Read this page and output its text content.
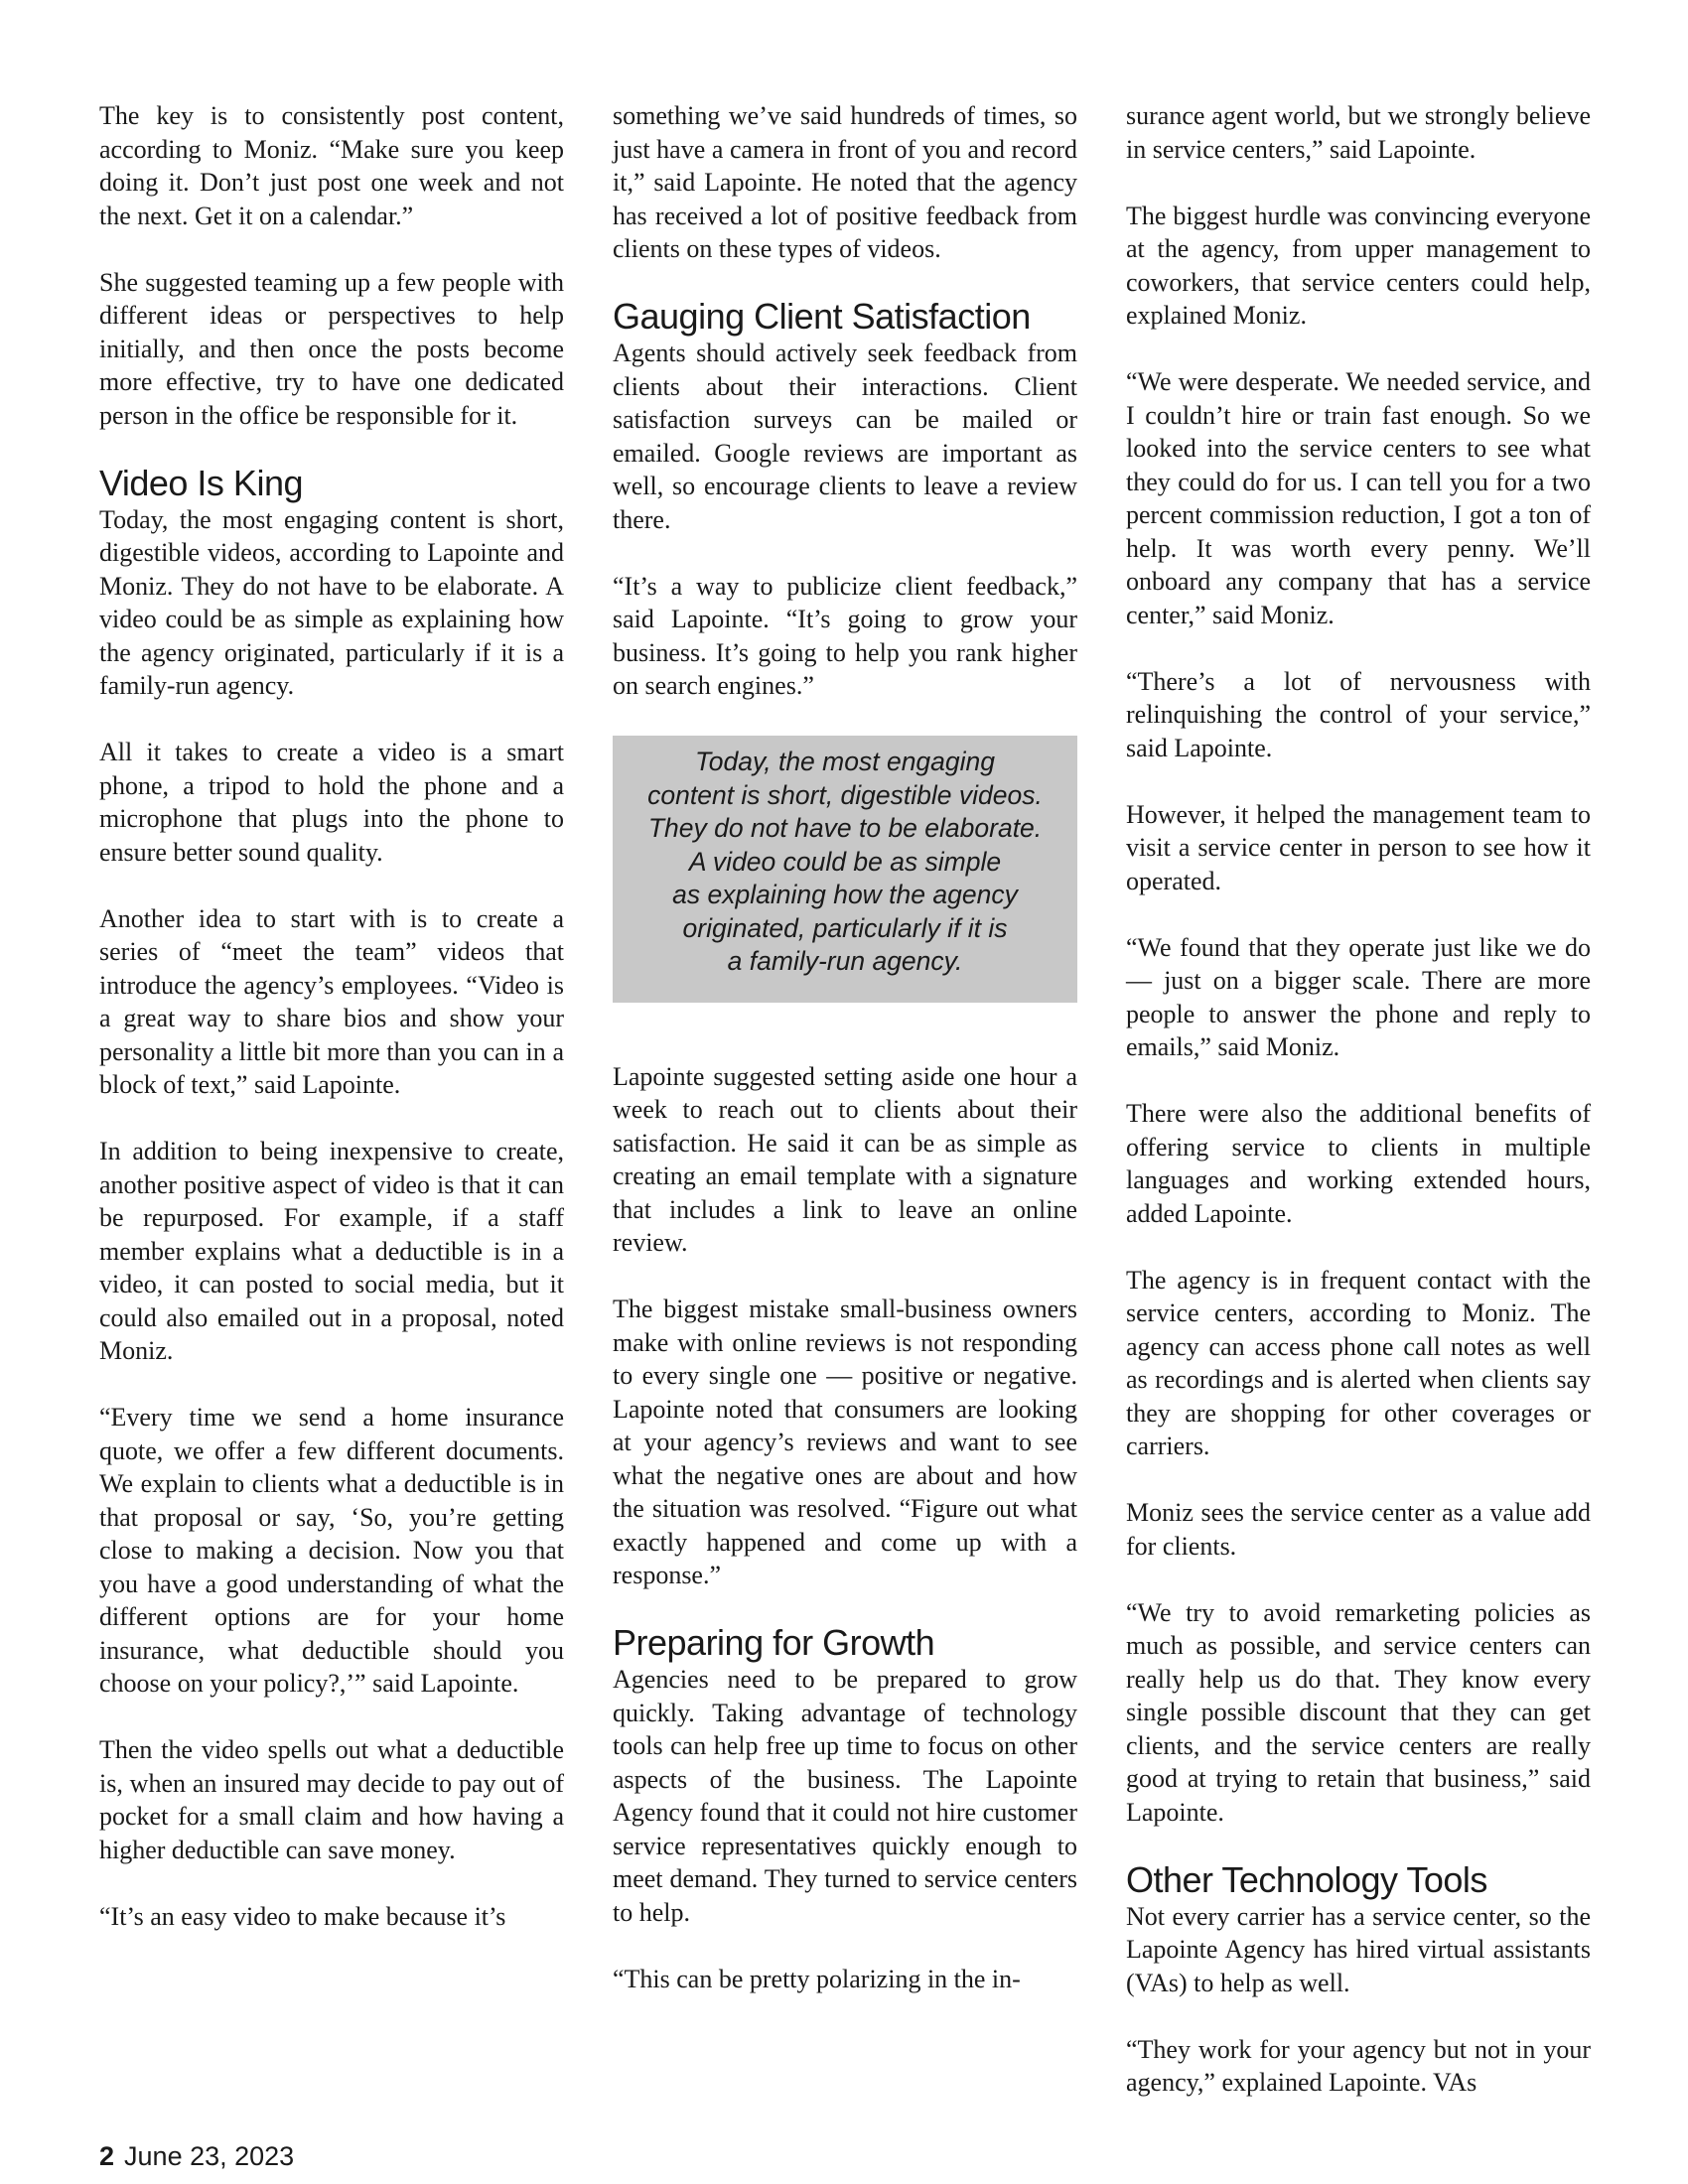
The key is to consistently post content, according to Moniz. “Make sure you keep doing it. Don’t just post one week and not the next. Get it on a calendar.”

She suggested teaming up a few people with different ideas or perspectives to help initially, and then once the posts become more effective, try to have one dedicated person in the office be responsible for it.

Video Is King

Today, the most engaging content is short, digestible videos, according to Lapointe and Moniz. They do not have to be elaborate. A video could be as simple as explaining how the agency originated, particularly if it is a family-run agency.

All it takes to create a video is a smart phone, a tripod to hold the phone and a microphone that plugs into the phone to ensure better sound quality.

Another idea to start with is to create a series of “meet the team” videos that introduce the agency’s employees. “Video is a great way to share bios and show your personality a little bit more than you can in a block of text,” said Lapointe.

In addition to being inexpensive to create, another positive aspect of video is that it can be repurposed. For example, if a staff member explains what a deductible is in a video, it can posted to social media, but it could also emailed out in a proposal, noted Moniz.

“Every time we send a home insurance quote, we offer a few different documents. We explain to clients what a deductible is in that proposal or say, ‘So, you’re getting close to making a decision. Now you that you have a good understanding of what the different options are for your home insurance, what deductible should you choose on your policy?,’” said Lapointe.

Then the video spells out what a deductible is, when an insured may decide to pay out of pocket for a small claim and how having a higher deductible can save money.

“It’s an easy video to make because it’s

something we’ve said hundreds of times, so just have a camera in front of you and record it,” said Lapointe. He noted that the agency has received a lot of positive feedback from clients on these types of videos.

Gauging Client Satisfaction

Agents should actively seek feedback from clients about their interactions. Client satisfaction surveys can be mailed or emailed. Google reviews are important as well, so encourage clients to leave a review there.

“It’s a way to publicize client feedback,” said Lapointe. “It’s going to grow your business. It’s going to help you rank higher on search engines.”

Today, the most engaging
content is short, digestible videos.
They do not have to be elaborate.
A video could be as simple
as explaining how the agency
originated, particularly if it is
a family-run agency.

Lapointe suggested setting aside one hour a week to reach out to clients about their satisfaction. He said it can be as simple as creating an email template with a signature that includes a link to leave an online review.

The biggest mistake small-business owners make with online reviews is not responding to every single one — positive or negative. Lapointe noted that consumers are looking at your agency’s reviews and want to see what the negative ones are about and how the situation was resolved. “Figure out what exactly happened and come up with a response.”

Preparing for Growth

Agencies need to be prepared to grow quickly. Taking advantage of technology tools can help free up time to focus on other aspects of the business. The Lapointe Agency found that it could not hire customer service representatives quickly enough to meet demand. They turned to service centers to help.

“This can be pretty polarizing in the in-

surance agent world, but we strongly believe in service centers,” said Lapointe.

The biggest hurdle was convincing everyone at the agency, from upper management to coworkers, that service centers could help, explained Moniz.

“We were desperate. We needed service, and I couldn’t hire or train fast enough. So we looked into the service centers to see what they could do for us. I can tell you for a two percent commission reduction, I got a ton of help. It was worth every penny. We’ll onboard any company that has a service center,” said Moniz.

“There’s a lot of nervousness with relinquishing the control of your service,” said Lapointe.

However, it helped the management team to visit a service center in person to see how it operated.

“We found that they operate just like we do — just on a bigger scale. There are more people to answer the phone and reply to emails,” said Moniz.

There were also the additional benefits of offering service to clients in multiple languages and working extended hours, added Lapointe.

The agency is in frequent contact with the service centers, according to Moniz. The agency can access phone call notes as well as recordings and is alerted when clients say they are shopping for other coverages or carriers.

Moniz sees the service center as a value add for clients.

“We try to avoid remarketing policies as much as possible, and service centers can really help us do that. They know every single possible discount that they can get clients, and the service centers are really good at trying to retain that business,” said Lapointe.

Other Technology Tools

Not every carrier has a service center, so the Lapointe Agency has hired virtual assistants (VAs) to help as well.

“They work for your agency but not in your agency,” explained Lapointe. VAs

2 June 23, 2023
